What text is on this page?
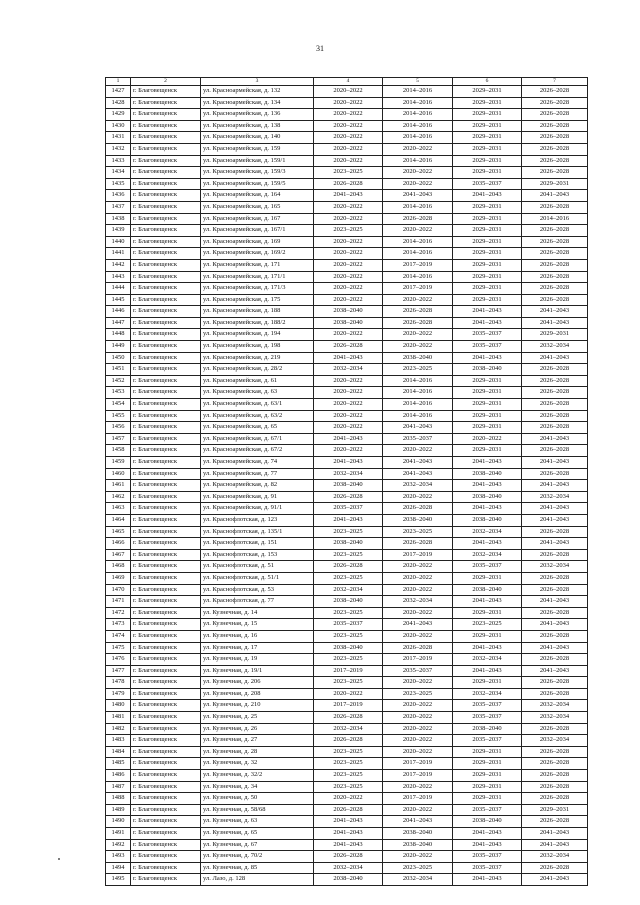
31
1	2	3	4	5	6	7
1427	г. Благовещенск	ул. Красноармейская, д. 132	2020–2022	2014–2016	2029–2031	2026–2028
1428	г. Благовещенск	ул. Красноармейская, д. 134	2020–2022	2014–2016	2029–2031	2026–2028
1429	г. Благовещенск	ул. Красноармейская, д. 136	2020–2022	2014–2016	2029–2031	2026–2028
1430	г. Благовещенск	ул. Красноармейская, д. 138	2020–2022	2014–2016	2029–2031	2026–2028
1431	г. Благовещенск	ул. Красноармейская, д. 140	2020–2022	2014–2016	2029–2031	2026–2028
1432	г. Благовещенск	ул. Красноармейская, д. 159	2020–2022	2020–2022	2029–2031	2026–2028
1433	г. Благовещенск	ул. Красноармейская, д. 159/1	2020–2022	2014–2016	2029–2031	2026–2028
1434	г. Благовещенск	ул. Красноармейская, д. 159/3	2023–2025	2020–2022	2029–2031	2026–2028
1435	г. Благовещенск	ул. Красноармейская, д. 159/5	2026–2028	2020–2022	2035–2037	2029–2031
1436	г. Благовещенск	ул. Красноармейская, д. 164	2041–2043	2041–2043	2041–2043	2041–2043
1437	г. Благовещенск	ул. Красноармейская, д. 165	2020–2022	2014–2016	2029–2031	2026–2028
1438	г. Благовещенск	ул. Красноармейская, д. 167	2020–2022	2026–2028	2029–2031	2014–2016
1439	г. Благовещенск	ул. Красноармейская, д. 167/1	2023–2025	2020–2022	2029–2031	2026–2028
1440	г. Благовещенск	ул. Красноармейская, д. 169	2020–2022	2014–2016	2029–2031	2026–2028
1441	г. Благовещенск	ул. Красноармейская, д. 169/2	2020–2022	2014–2016	2029–2031	2026–2028
1442	г. Благовещенск	ул. Красноармейская, д. 171	2020–2022	2017–2019	2029–2031	2026–2028
1443	г. Благовещенск	ул. Красноармейская, д. 171/1	2020–2022	2014–2016	2029–2031	2026–2028
1444	г. Благовещенск	ул. Красноармейская, д. 171/3	2020–2022	2017–2019	2029–2031	2026–2028
1445	г. Благовещенск	ул. Красноармейская, д. 175	2020–2022	2020–2022	2029–2031	2026–2028
1446	г. Благовещенск	ул. Красноармейская, д. 188	2038–2040	2026–2028	2041–2043	2041–2043
1447	г. Благовещенск	ул. Красноармейская, д. 188/2	2038–2040	2026–2028	2041–2043	2041–2043
1448	г. Благовещенск	ул. Красноармейская, д. 194	2020–2022	2020–2022	2035–2037	2029–2031
1449	г. Благовещенск	ул. Красноармейская, д. 198	2026–2028	2020–2022	2035–2037	2032–2034
1450	г. Благовещенск	ул. Красноармейская, д. 219	2041–2043	2038–2040	2041–2043	2041–2043
1451	г. Благовещенск	ул. Красноармейская, д. 28/2	2032–2034	2023–2025	2038–2040	2026–2028
1452	г. Благовещенск	ул. Красноармейская, д. 61	2020–2022	2014–2016	2029–2031	2026–2028
1453	г. Благовещенск	ул. Красноармейская, д. 63	2020–2022	2014–2016	2029–2031	2026–2028
1454	г. Благовещенск	ул. Красноармейская, д. 63/1	2020–2022	2014–2016	2029–2031	2026–2028
1455	г. Благовещенск	ул. Красноармейская, д. 63/2	2020–2022	2014–2016	2029–2031	2026–2028
1456	г. Благовещенск	ул. Красноармейская, д. 65	2020–2022	2041–2043	2029–2031	2026–2028
1457	г. Благовещенск	ул. Красноармейская, д. 67/1	2041–2043	2035–2037	2020–2022	2041–2043
1458	г. Благовещенск	ул. Красноармейская, д. 67/2	2020–2022	2020–2022	2029–2031	2026–2028
1459	г. Благовещенск	ул. Красноармейская, д. 74	2041–2043	2041–2043	2041–2043	2041–2043
1460	г. Благовещенск	ул. Красноармейская, д. 77	2032–2034	2041–2043	2038–2040	2026–2028
1461	г. Благовещенск	ул. Красноармейская, д. 82	2038–2040	2032–2034	2041–2043	2041–2043
1462	г. Благовещенск	ул. Красноармейская, д. 91	2026–2028	2020–2022	2038–2040	2032–2034
1463	г. Благовещенск	ул. Красноармейская, д. 91/1	2035–2037	2026–2028	2041–2043	2041–2043
1464	г. Благовещенск	ул. Краснофлотская, д. 123	2041–2043	2038–2040	2038–2040	2041–2043
1465	г. Благовещенск	ул. Краснофлотская, д. 135/1	2023–2025	2023–2025	2032–2034	2026–2028
1466	г. Благовещенск	ул. Краснофлотская, д. 151	2038–2040	2026–2028	2041–2043	2041–2043
1467	г. Благовещенск	ул. Краснофлотская, д. 153	2023–2025	2017–2019	2032–2034	2026–2028
1468	г. Благовещенск	ул. Краснофлотская, д. 51	2026–2028	2020–2022	2035–2037	2032–2034
1469	г. Благовещенск	ул. Краснофлотская, д. 51/1	2023–2025	2020–2022	2029–2031	2026–2028
1470	г. Благовещенск	ул. Краснофлотская, д. 53	2032–2034	2020–2022	2038–2040	2026–2028
1471	г. Благовещенск	ул. Краснофлотская, д. 77	2038–2040	2032–2034	2041–2043	2041–2043
1472	г. Благовещенск	ул. Кузнечная, д. 14	2023–2025	2020–2022	2029–2031	2026–2028
1473	г. Благовещенск	ул. Кузнечная, д. 15	2035–2037	2041–2043	2023–2025	2041–2043
1474	г. Благовещенск	ул. Кузнечная, д. 16	2023–2025	2020–2022	2029–2031	2026–2028
1475	г. Благовещенск	ул. Кузнечная, д. 17	2038–2040	2026–2028	2041–2043	2041–2043
1476	г. Благовещенск	ул. Кузнечная, д. 19	2023–2025	2017–2019	2032–2034	2026–2028
1477	г. Благовещенск	ул. Кузнечная, д. 19/1	2017–2019	2035–2037	2041–2043	2041–2043
1478	г. Благовещенск	ул. Кузнечная, д. 206	2023–2025	2020–2022	2029–2031	2026–2028
1479	г. Благовещенск	ул. Кузнечная, д. 208	2020–2022	2023–2025	2032–2034	2026–2028
1480	г. Благовещенск	ул. Кузнечная, д. 210	2017–2019	2020–2022	2035–2037	2032–2034
1481	г. Благовещенск	ул. Кузнечная, д. 25	2026–2028	2020–2022	2035–2037	2032–2034
1482	г. Благовещенск	ул. Кузнечная, д. 26	2032–2034	2020–2022	2038–2040	2026–2028
1483	г. Благовещенск	ул. Кузнечная, д. 27	2026–2028	2020–2022	2035–2037	2032–2034
1484	г. Благовещенск	ул. Кузнечная, д. 28	2023–2025	2020–2022	2029–2031	2026–2028
1485	г. Благовещенск	ул. Кузнечная, д. 32	2023–2025	2017–2019	2029–2031	2026–2028
1486	г. Благовещенск	ул. Кузнечная, д. 32/2	2023–2025	2017–2019	2029–2031	2026–2028
1487	г. Благовещенск	ул. Кузнечная, д. 34	2023–2025	2020–2022	2029–2031	2026–2028
1488	г. Благовещенск	ул. Кузнечная, д. 50	2020–2022	2017–2019	2029–2031	2026–2028
1489	г. Благовещенск	ул. Кузнечная, д. 58/68	2026–2028	2020–2022	2035–2037	2029–2031
1490	г. Благовещенск	ул. Кузнечная, д. 63	2041–2043	2041–2043	2038–2040	2026–2028
1491	г. Благовещенск	ул. Кузнечная, д. 65	2041–2043	2038–2040	2041–2043	2041–2043
1492	г. Благовещенск	ул. Кузнечная, д. 67	2041–2043	2038–2040	2041–2043	2041–2043
1493	г. Благовещенск	ул. Кузнечная, д. 70/2	2026–2028	2020–2022	2035–2037	2032–2034
1494	г. Благовещенск	ул. Кузнечная, д. 85	2032–2034	2023–2025	2035–2037	2026–2028
1495	г. Благовещенск	ул. Лазо, д. 128	2038–2040	2032–2034	2041–2043	2041–2043
